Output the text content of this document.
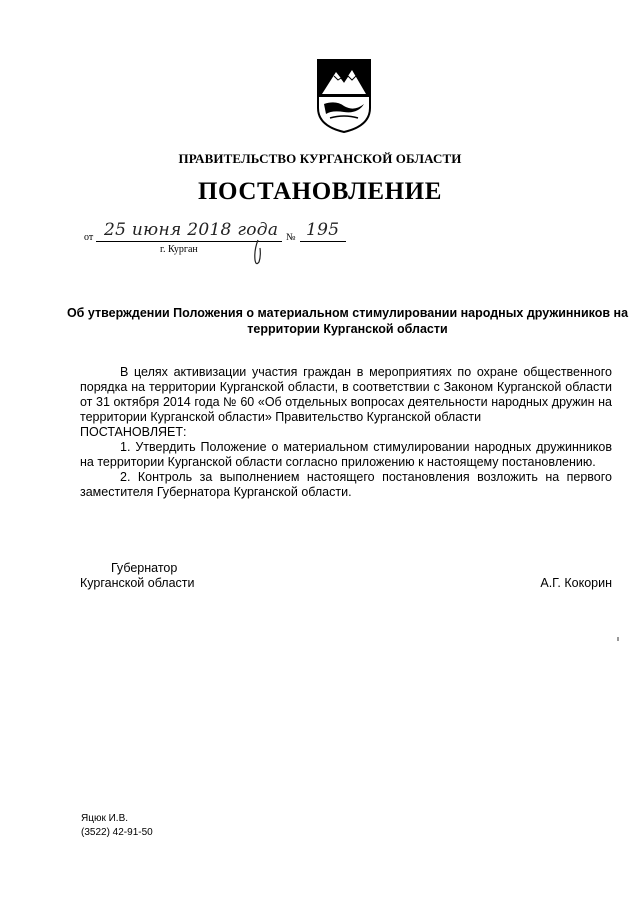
ПРАВИТЕЛЬСТВО КУРГАНСКОЙ ОБЛАСТИ
ПОСТАНОВЛЕНИЕ
от 25 июня 2018 года № 195
г. Курган
Об утверждении Положения о материальном стимулировании народных дружинников на территории Курганской области

В целях активизации участия граждан в мероприятиях по охране общественного порядка на территории Курганской области, в соответствии с Законом Курганской области от 31 октября 2014 года № 60 «Об отдельных вопросах деятельности народных дружин на территории Курганской области» Правительство Курганской области

ПОСТАНОВЛЯЕТ:

1. Утвердить Положение о материальном стимулировании народных дружинников на территории Курганской области согласно приложению к настоящему постановлению.

2. Контроль за выполнением настоящего постановления возложить на первого заместителя Губернатора Курганской области.

Губернатор
Курганской области	А.Г. Кокорин
Яцюк И.В.
(3522) 42-91-50
